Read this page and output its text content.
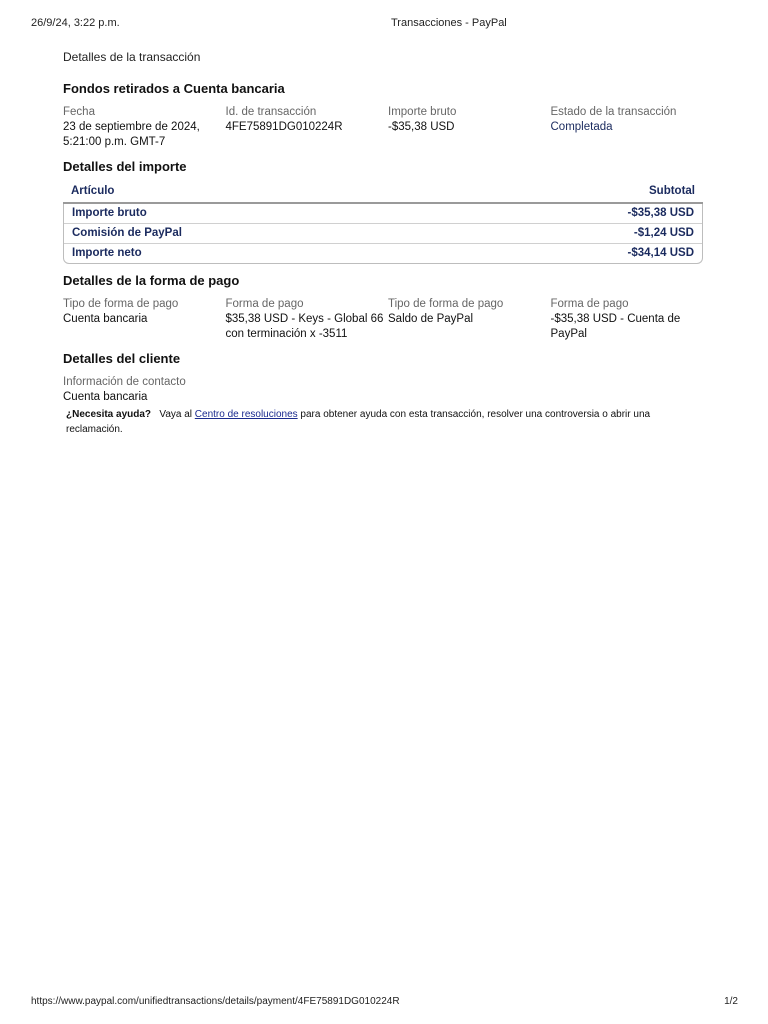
26/9/24, 3:22 p.m.	Transacciones - PayPal
Detalles de la transacción
Fondos retirados a Cuenta bancaria
Fecha
23 de septiembre de 2024, 5:21:00 p.m. GMT-7
Id. de transacción
4FE75891DG010224R
Importe bruto
-$35,38 USD
Estado de la transacción
Completada
Detalles del importe
Artículo	Subtotal
Importe bruto	-$35,38 USD
Comisión de PayPal	-$1,24 USD
Importe neto	-$34,14 USD
Detalles de la forma de pago
Tipo de forma de pago
Cuenta bancaria
Forma de pago
$35,38 USD - Keys - Global 66 con terminación x -3511
Tipo de forma de pago
Saldo de PayPal
Forma de pago
-$35,38 USD - Cuenta de PayPal
Detalles del cliente
Información de contacto
Cuenta bancaria
¿Necesita ayuda? Vaya al Centro de resoluciones para obtener ayuda con esta transacción, resolver una controversia o abrir una reclamación.
https://www.paypal.com/unifiedtransactions/details/payment/4FE75891DG010224R	1/2
